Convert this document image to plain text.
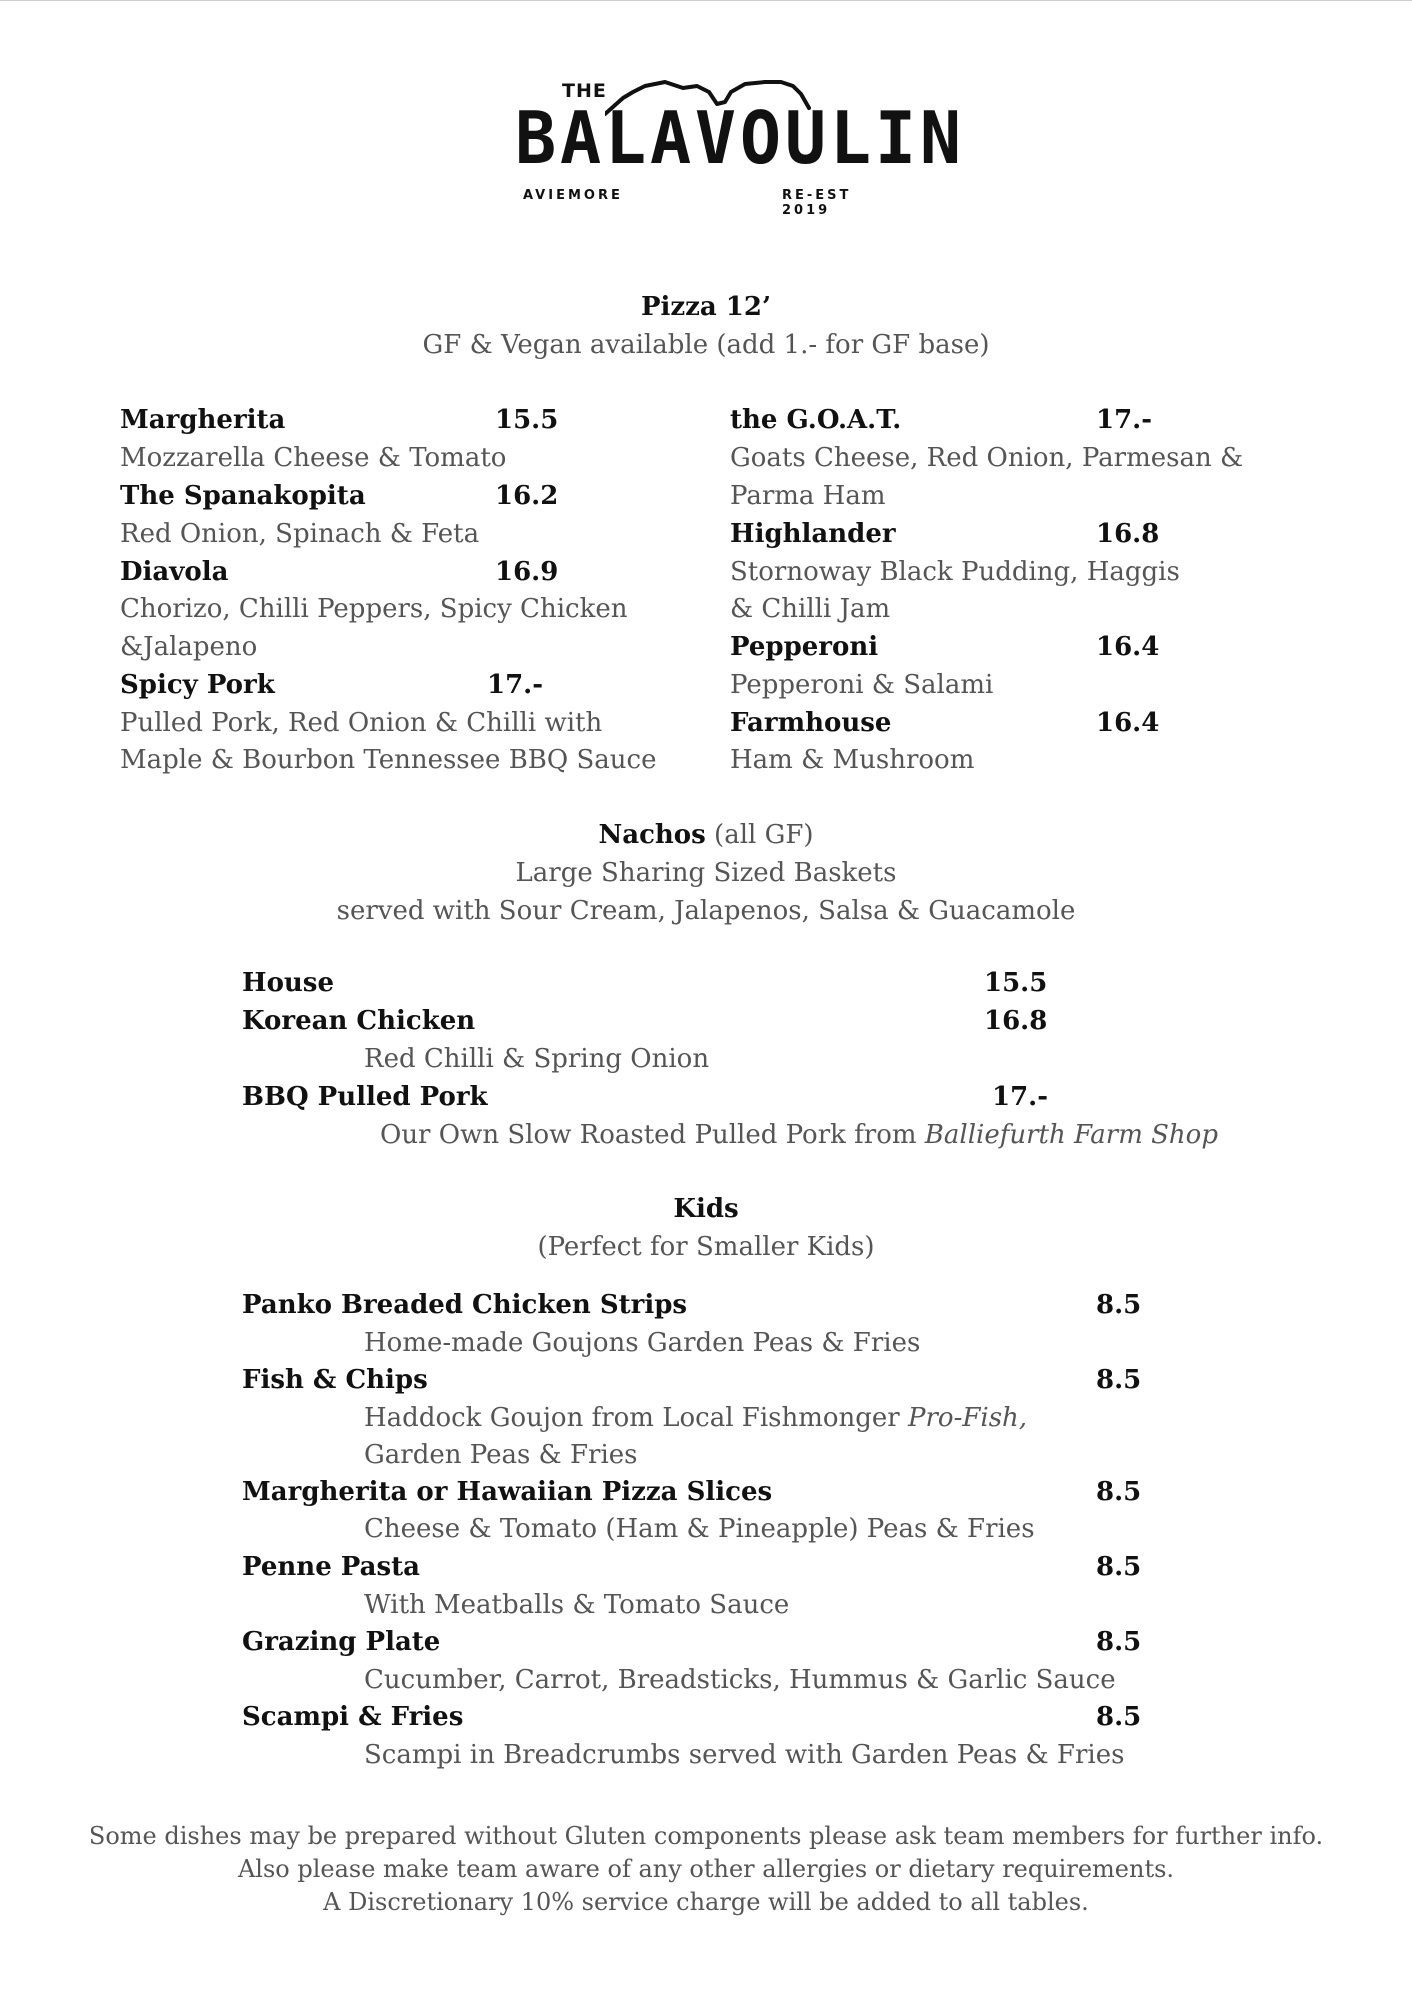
THE
BALAVOULIN
AVIEMORE	RE-EST 2019
Pizza 12’
GF & Vegan available (add 1.- for GF base)
Margherita	15.5
Mozzarella Cheese & Tomato
The Spanakopita	16.2
Red Onion, Spinach & Feta
Diavola	16.9
Chorizo, Chilli Peppers, Spicy Chicken
&Jalapeno
Spicy Pork	17.-
Pulled Pork, Red Onion & Chilli with
Maple & Bourbon Tennessee BBQ Sauce
the G.O.A.T.	17.-
Goats Cheese, Red Onion, Parmesan &
Parma Ham
Highlander	16.8
Stornoway Black Pudding, Haggis
& Chilli Jam
Pepperoni	16.4
Pepperoni & Salami
Farmhouse	16.4
Ham & Mushroom
Nachos (all GF)
Large Sharing Sized Baskets
served with Sour Cream, Jalapenos, Salsa & Guacamole
House	15.5
Korean Chicken	16.8
Red Chilli & Spring Onion
BBQ Pulled Pork	17.-
Our Own Slow Roasted Pulled Pork from Balliefurth Farm Shop
Kids
(Perfect for Smaller Kids)
Panko Breaded Chicken Strips	8.5
Home-made Goujons Garden Peas & Fries
Fish & Chips	8.5
Haddock Goujon from Local Fishmonger Pro-Fish,
Garden Peas & Fries
Margherita or Hawaiian Pizza Slices	8.5
Cheese & Tomato (Ham & Pineapple) Peas & Fries
Penne Pasta	8.5
With Meatballs & Tomato Sauce
Grazing Plate	8.5
Cucumber, Carrot, Breadsticks, Hummus & Garlic Sauce
Scampi & Fries	8.5
Scampi in Breadcrumbs served with Garden Peas & Fries
Some dishes may be prepared without Gluten components please ask team members for further info.
Also please make team aware of any other allergies or dietary requirements.
A Discretionary 10% service charge will be added to all tables.
